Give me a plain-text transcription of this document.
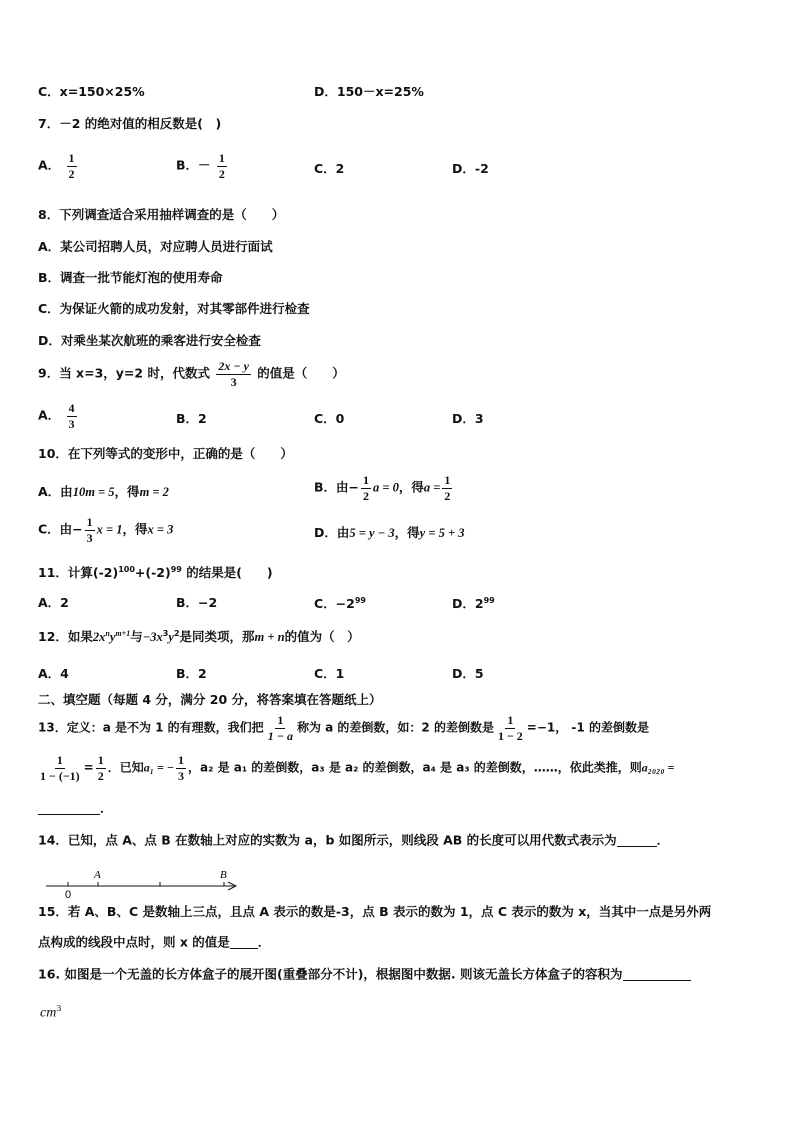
C．x=150×25%	D．150－x=25%
7．－2 的绝对值的相反数是(　)
A． $\frac{1}{2}$	B．－ $\frac{1}{2}$	C．2	D．-2
8．下列调查适合采用抽样调查的是（　　）
A．某公司招聘人员，对应聘人员进行面试
B．调查一批节能灯泡的使用寿命
C．为保证火箭的成功发射，对其零部件进行检查
D．对乘坐某次航班的乘客进行安全检查
9．当 x=3，y=2 时，代数式 $\frac{2x - y}{3}$ 的值是（　　）
A． $\frac{4}{3}$	B．2	C．0	D．3
10．在下列等式的变形中，正确的是（　　）
A．由10m = 5，得m = 2	B．由− $\frac{1}{2}$ a = 0，得$a = \frac{1}{2}$
C．由− $\frac{1}{3}$ x = 1，得x = 3	D．由5 = y − 3，得y = 5 + 3
11．计算$(-2)^{100}+(-2)^{99}$ 的结果是(　　)
A．2	B．−2	C．$-2^{99}$	D．$2^{99}$
12．如果$2x^ny^{m+1}$与$-3x^3y^2$是同类项，那m + n的值为（　）
A．4	B．2	C．1	D．5
二、填空题（每题 4 分，满分 20 分，将答案填在答题纸上）
13．定义：a 是不为 1 的有理数，我们把 $\frac{1}{1 - a}$ 称为 a 的差倒数，如：2 的差倒数是 $\frac{1}{1 - 2} =-1$， -1 的差倒数是
$\frac{1}{1 - (-1)} = \frac{1}{2}$ ．已知a₁ = − $\frac{1}{3}$ ，a₂ 是 a₁ 的差倒数，a₃ 是 a₂ 的差倒数，a₄ 是 a₃ 的差倒数，……，依此类推，则a₂₀₂₀ =
．
14．已知，点 A、点 B 在数轴上对应的实数为 a，b 如图所示，则线段 AB 的长度可以用代数式表示为	．
0
A	B
15．若 A、B、C 是数轴上三点，且点 A 表示的数是-3，点 B 表示的数为 1，点 C 表示的数为 x，当其中一点是另外两
点构成的线段中点时，则 x 的值是 ．
16. 如图是一个无盖的长方体盒子的展开图(重叠部分不计)，根据图中数据. 则该无盖长方体盒子的容积为
$cm^3$
